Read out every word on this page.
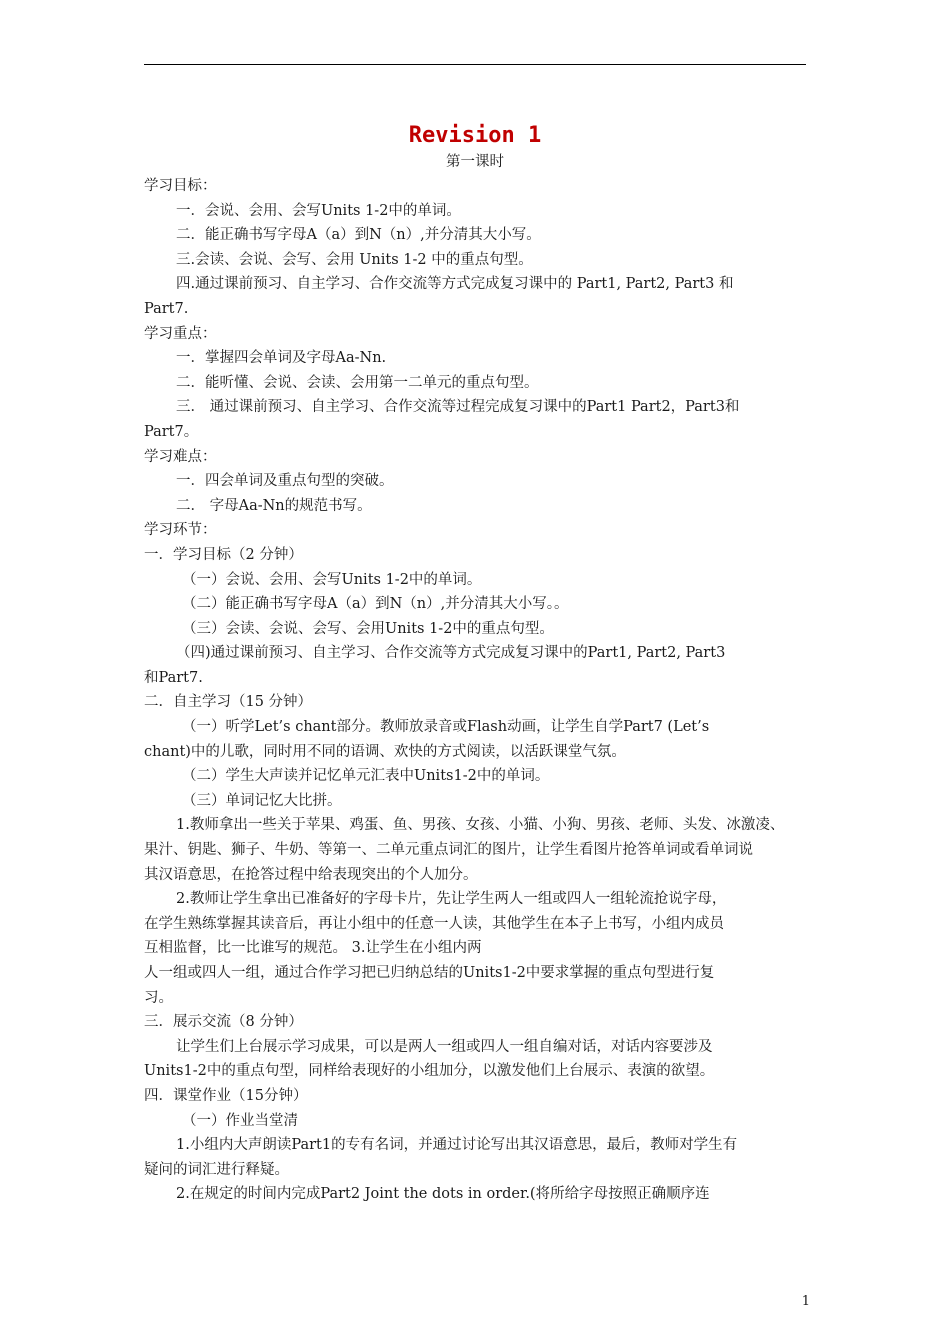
Revision 1
第一课时
学习目标：
一．会说、会用、会写Units 1-2中的单词。
二．能正确书写字母A（a）到N（n）,并分清其大小写。
三.会读、会说、会写、会用 Units 1-2 中的重点句型。
四.通过课前预习、自主学习、合作交流等方式完成复习课中的 Part1, Part2, Part3 和
Part7.
学习重点：
一．掌握四会单词及字母Aa-Nn.
二．能听懂、会说、会读、会用第一二单元的重点句型。
三． 通过课前预习、自主学习、合作交流等过程完成复习课中的Part1 Part2，Part3和
Part7。
学习难点：
一．四会单词及重点句型的突破。
二． 字母Aa-Nn的规范书写。
学习环节：
一．学习目标（2 分钟）
（一）会说、会用、会写Units 1-2中的单词。
（二）能正确书写字母A（a）到N（n）,并分清其大小写。。
（三）会读、会说、会写、会用Units 1-2中的重点句型。
（四)通过课前预习、自主学习、合作交流等方式完成复习课中的Part1, Part2, Part3
和Part7.
二．自主学习（15 分钟）
（一）听学Let’s chant部分。教师放录音或Flash动画，让学生自学Part7 (Let’s
chant)中的儿歌，同时用不同的语调、欢快的方式阅读，以活跃课堂气氛。
（二）学生大声读并记忆单元汇表中Units1-2中的单词。
（三）单词记忆大比拼。
1.教师拿出一些关于苹果、鸡蛋、鱼、男孩、女孩、小猫、小狗、男孩、老师、头发、冰激凌、
果汁、钥匙、狮子、牛奶、等第一、二单元重点词汇的图片，让学生看图片抢答单词或看单词说
其汉语意思，在抢答过程中给表现突出的个人加分。
2.教师让学生拿出已准备好的字母卡片，先让学生两人一组或四人一组轮流抢说字母，
在学生熟练掌握其读音后，再让小组中的任意一人读，其他学生在本子上书写，小组内成员
互相监督，比一比谁写的规范。 3.让学生在小组内两
人一组或四人一组，通过合作学习把已归纳总结的Units1-2中要求掌握的重点句型进行复
习。
三．展示交流（8 分钟）
让学生们上台展示学习成果，可以是两人一组或四人一组自编对话，对话内容要涉及
Units1-2中的重点句型，同样给表现好的小组加分，以激发他们上台展示、表演的欲望。
四．课堂作业（15分钟）
（一）作业当堂清
1.小组内大声朗读Part1的专有名词，并通过讨论写出其汉语意思，最后，教师对学生有
疑问的词汇进行释疑。
2.在规定的时间内完成Part2 Joint the dots in order.(将所给字母按照正确顺序连
1
